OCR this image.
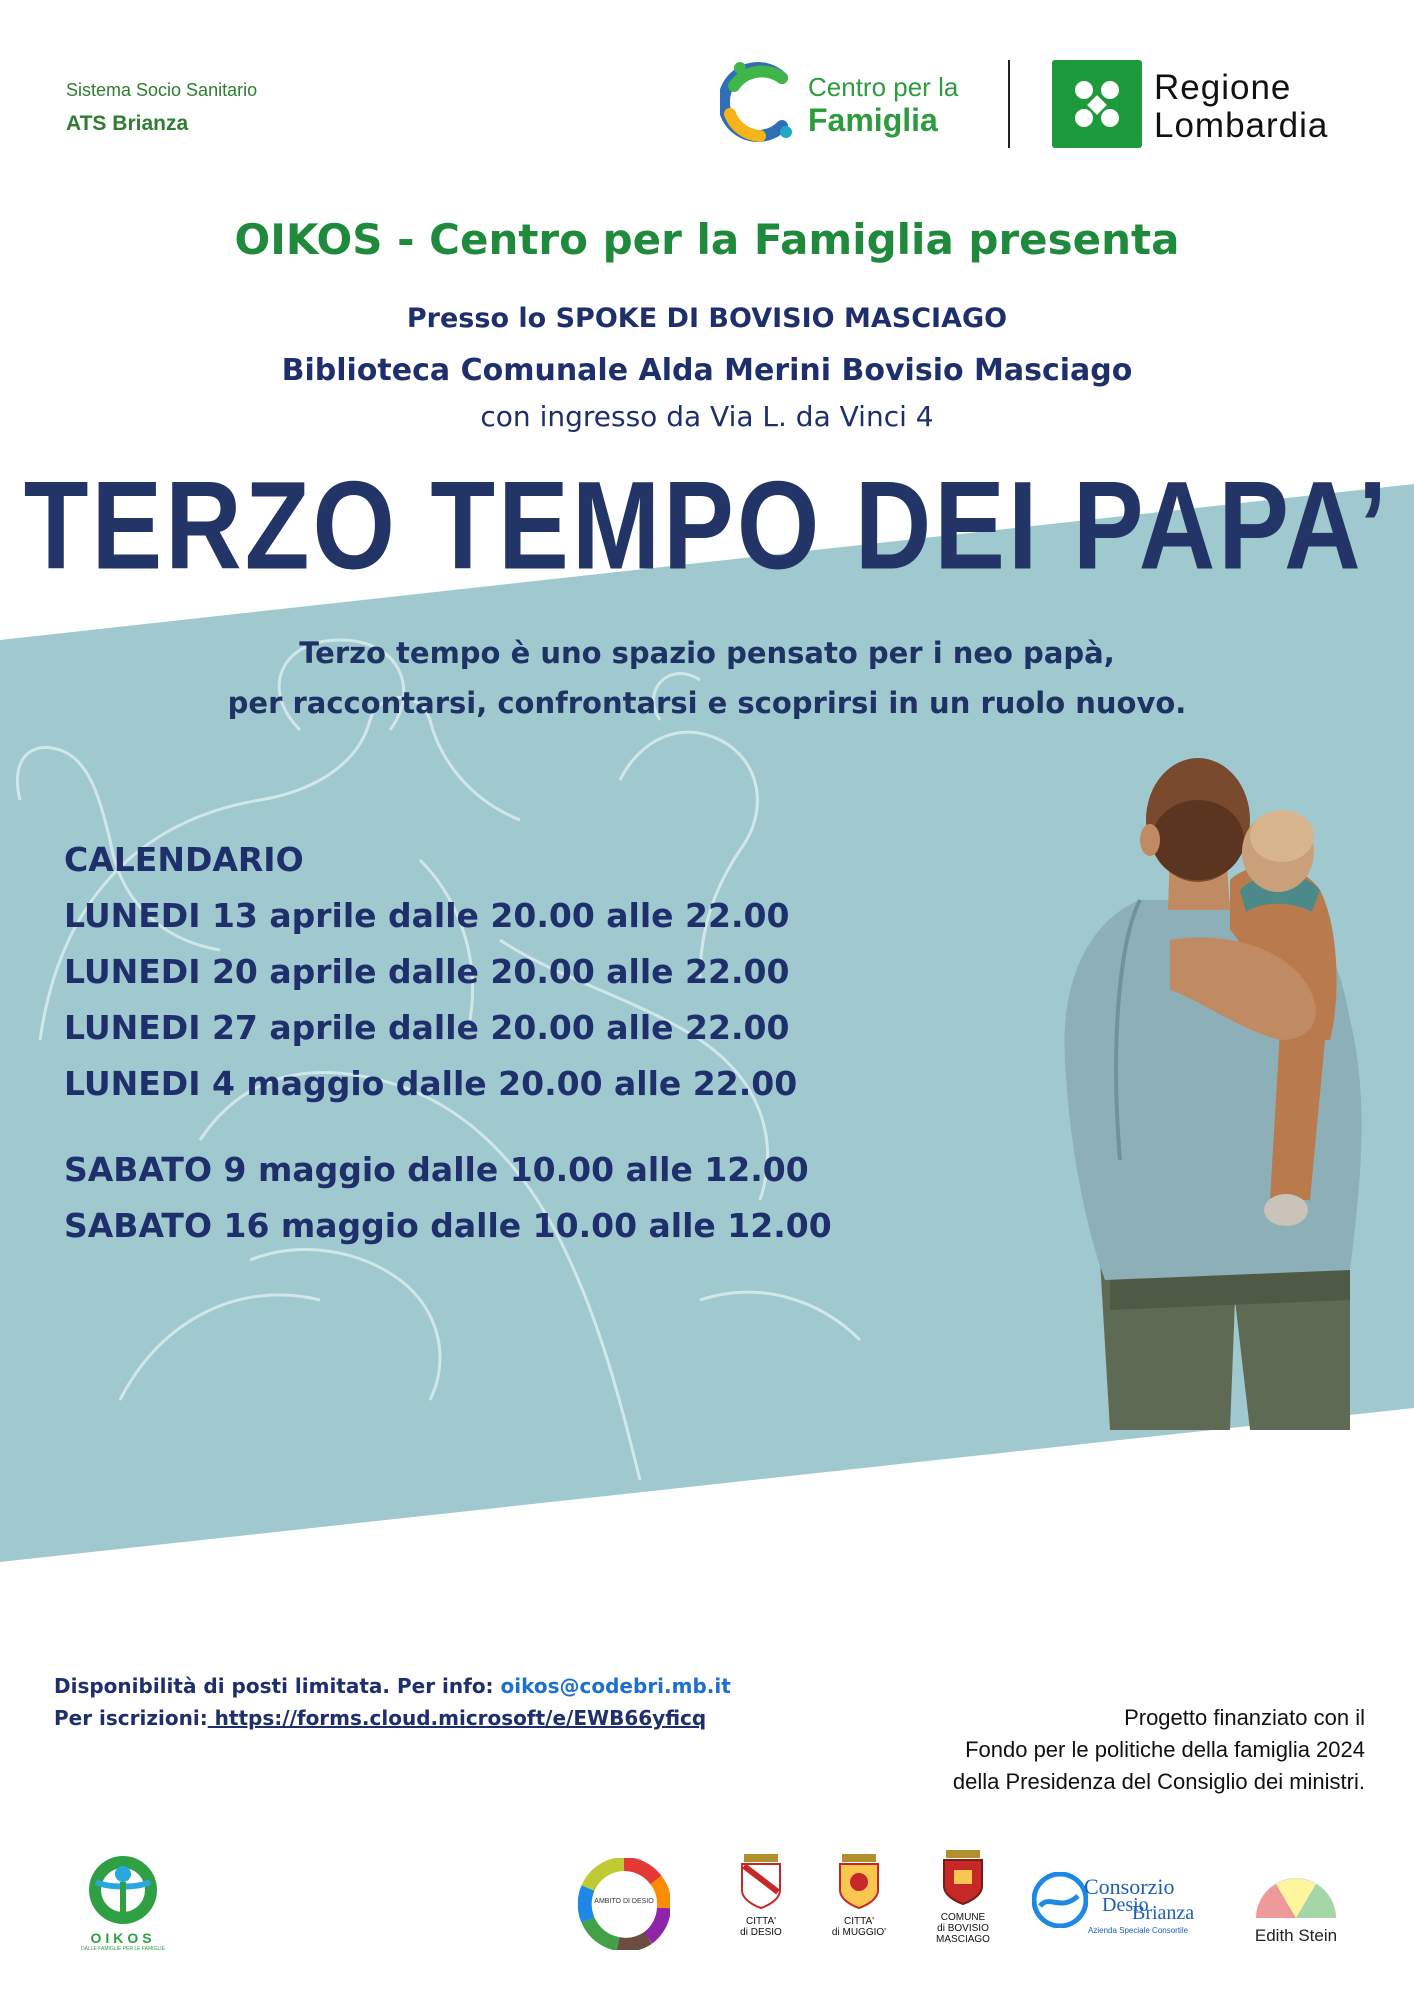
Sistema Socio Sanitario
ATS Brianza
Centro per la
Famiglia
Regione
Lombardia
OIKOS - Centro per la Famiglia presenta
Presso lo SPOKE DI BOVISIO MASCIAGO
Biblioteca Comunale Alda Merini Bovisio Masciago
con ingresso da Via L. da Vinci 4
TERZO TEMPO DEI PAPA’
Terzo tempo è uno spazio pensato per i neo papà,
per raccontarsi, confrontarsi e scoprirsi in un ruolo nuovo.
CALENDARIO
LUNEDI 13 aprile dalle 20.00 alle 22.00
LUNEDI 20 aprile dalle 20.00 alle 22.00
LUNEDI 27 aprile dalle 20.00 alle 22.00
LUNEDI 4 maggio dalle 20.00 alle 22.00
SABATO 9 maggio dalle 10.00 alle 12.00
SABATO 16 maggio dalle 10.00 alle 12.00
Disponibilità di posti limitata. Per info: oikos@codebri.mb.it
Per iscrizioni: https://forms.cloud.microsoft/e/EWB66yficq	Progetto finanziato con il
Fondo per le politiche della famiglia 2024
della Presidenza del Consiglio dei ministri.
OIKOS
DALLE FAMIGLIE PER LE FAMIGLIE
AMBITO DI DESIO
CITTA'
di DESIO
CITTA'
di MUGGIO'
COMUNE
di BOVISIO
MASCIAGO
Consorzio
Desio
Brianza
Azienda Speciale Consortile	Edith Stein
